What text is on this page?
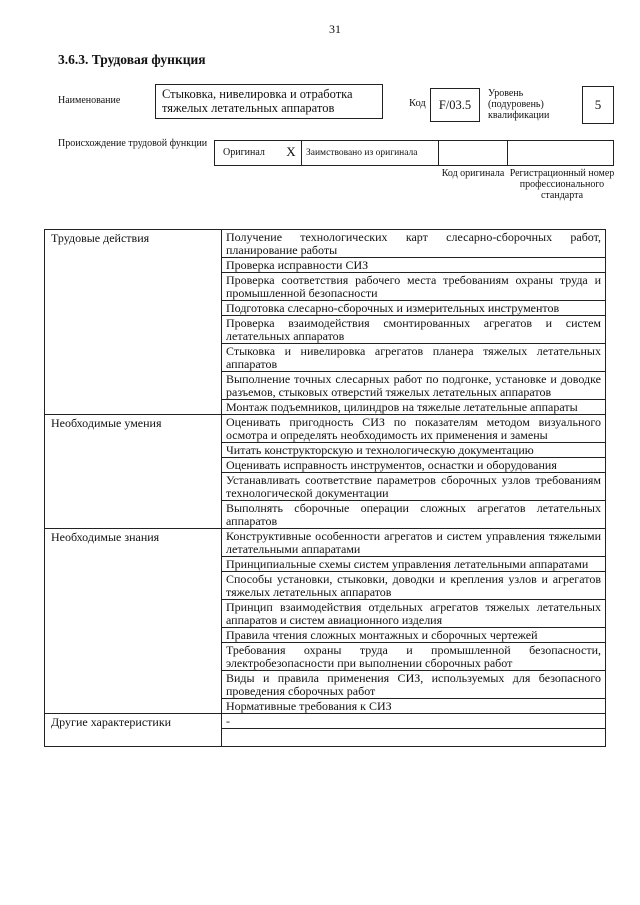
31
3.6.3. Трудовая функция
Наименование	Стыковка, нивелировка и отработка тяжелых летательных аппаратов	Код	F/03.5
Уровень (подуровень) квалификации
5
Происхождение трудовой функции
Оригинал	X	Заимствовано из оригинала
Код оригинала Регистрационный номер профессионального стандарта
Трудовые действия	Получение технологических карт слесарно-сборочных работ, планирование работы
	Проверка исправности СИЗ
	Проверка соответствия рабочего места требованиям охраны труда и промышленной безопасности
	Подготовка слесарно-сборочных и измерительных инструментов
	Проверка взаимодействия смонтированных агрегатов и систем летательных аппаратов
	Стыковка и нивелировка агрегатов планера тяжелых летательных аппаратов
	Выполнение точных слесарных работ по подгонке, установке и доводке разъемов, стыковых отверстий тяжелых летательных аппаратов
	Монтаж подъемников, цилиндров на тяжелые летательные аппараты
Необходимые умения	Оценивать пригодность СИЗ по показателям методом визуального осмотра и определять необходимость их применения и замены
	Читать конструкторскую и технологическую документацию
	Оценивать исправность инструментов, оснастки и оборудования
	Устанавливать соответствие параметров сборочных узлов требованиям технологической документации
	Выполнять сборочные операции сложных агрегатов летательных аппаратов
Необходимые знания	Конструктивные особенности агрегатов и систем управления тяжелыми летательными аппаратами
	Принципиальные схемы систем управления летательными аппаратами
	Способы установки, стыковки, доводки и крепления узлов и агрегатов тяжелых летательных аппаратов
	Принцип взаимодействия отдельных агрегатов тяжелых летательных аппаратов и систем авиационного изделия
	Правила чтения сложных монтажных и сборочных чертежей
	Требования охраны труда и промышленной безопасности, электробезопасности при выполнении сборочных работ
	Виды и правила применения СИЗ, используемых для безопасного проведения сборочных работ
	Нормативные требования к СИЗ
Другие характеристики	-
